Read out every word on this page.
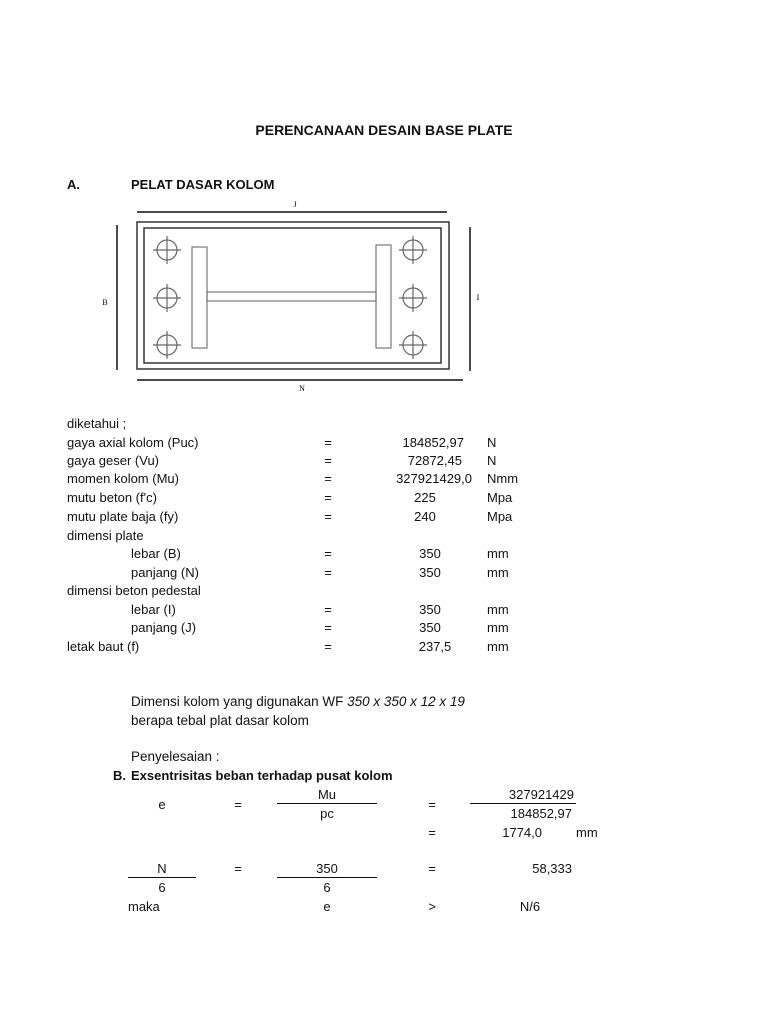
PERENCANAAN DESAIN BASE PLATE
A.	PELAT DASAR KOLOM
J
N
B
I
diketahui ;
gaya axial kolom (Puc)	=	184852,97 N
gaya geser (Vu)	=	72872,45 N
momen kolom (Mu)	=	327921429,0 Nmm
mutu beton (f'c)	=	225	Mpa
mutu plate baja (fy)	=	240	Mpa
dimensi plate
lebar (B)	=	350	mm
panjang (N)	=	350	mm
dimensi beton pedestal
lebar (I)	=	350	mm
panjang (J)	=	350	mm
letak baut (f)	=	237,5	mm
Dimensi kolom yang digunakan WF 350 x 350 x 12 x 19
berapa tebal plat dasar kolom
Penyelesaian :
B. Exsentrisitas beban terhadap pusat kolom
e	=
Mu
pc
=
327921429
184852,97
=	1774,0	mm
N
6
=	350
6
=	58,333
maka	e	>	N/6
